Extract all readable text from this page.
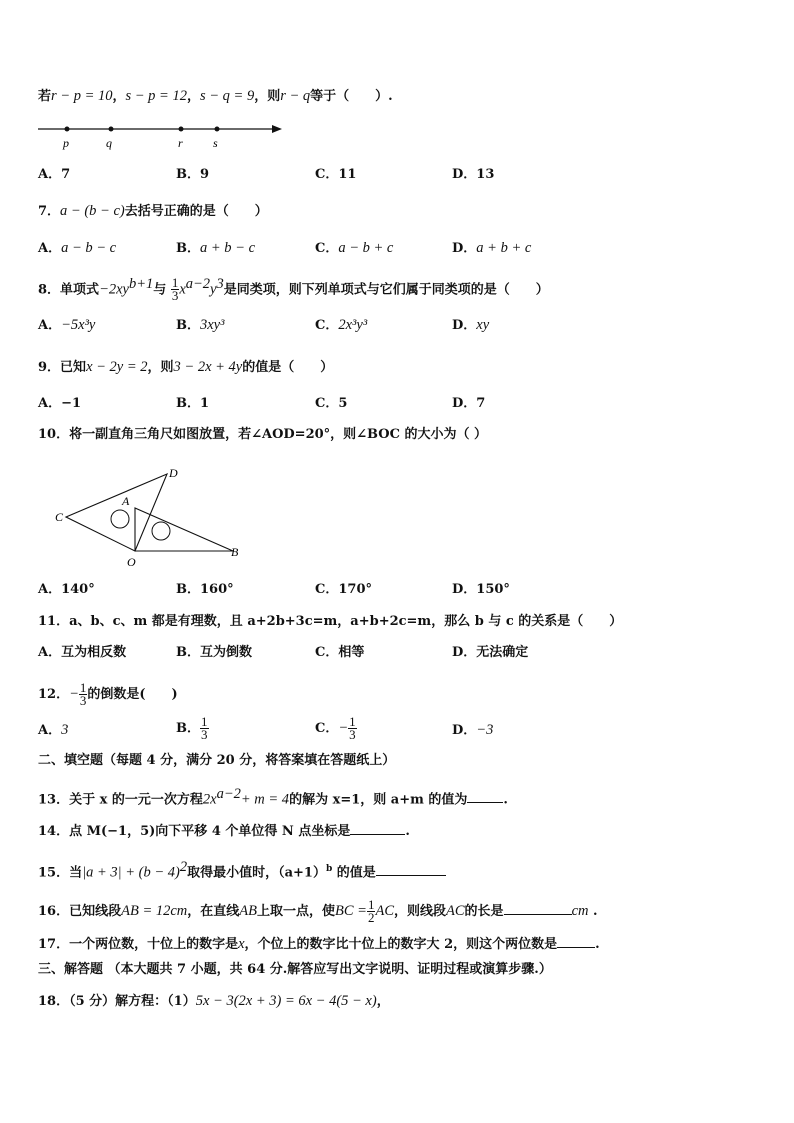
若r − p = 10，s − p = 12，s − q = 9，则r − q等于（　　）.
p	q	r	s
A．7	B．9	C．11	D．13
7．a − (b − c)去括号正确的是（　　）
A．a − b − c	B．a + b − c	C．a − b + c	D．a + b + c
8．单项式$-2xy^{b+1}$与 $\frac{1}{3} x^{a-2}y^3$是同类项，则下列单项式与它们属于同类项的是（　　）
A．−5x³y	B．3xy³	C．2x³y³	D．xy
9．已知x − 2y = 2，则3 − 2x + 4y的值是（　　）
A．−1	B．1	C．5	D．7
10．将一副直角三角尺如图放置，若∠AOD=20°，则∠BOC 的大小为（ ）
D
A
C
O
B
A．140°	B．160°	C．170°	D．150°
11．a、b、c、m 都是有理数，且 a+2b+3c=m，a+b+2c=m，那么 b 与 c 的关系是（　　）
A．互为相反数	B．互为倒数	C．相等	D．无法确定
12．− $\frac{1}{3}$ 的倒数是(　　)
A．3	B． $\frac{1}{3}$	C．− $\frac{1}{3}$	D．−3
二、填空题（每题 4 分，满分 20 分，将答案填在答题纸上）
13．关于 x 的一元一次方程$2x^{a-2}+ m = 4$的解为 x=1，则 a+m 的值为	.
14．点 M(−1，5)向下平移 4 个单位得 N 点坐标是	.
15．当$|a + 3| + (b - 4)^2$取得最小值时，$(a+1)^b$ 的值是
16．已知线段AB = 12cm，在直线AB上取一点，使BC = $\frac{1}{2}$ AC，则线段AC的长是	cm .
17．一个两位数，十位上的数字是x，个位上的数字比十位上的数字大 2，则这个两位数是	.
三、解答题 （本大题共 7 小题，共 64 分.解答应写出文字说明、证明过程或演算步骤.）
18．（5 分）解方程：（1）5x − 3(2x + 3) = 6x − 4(5 − x)，
